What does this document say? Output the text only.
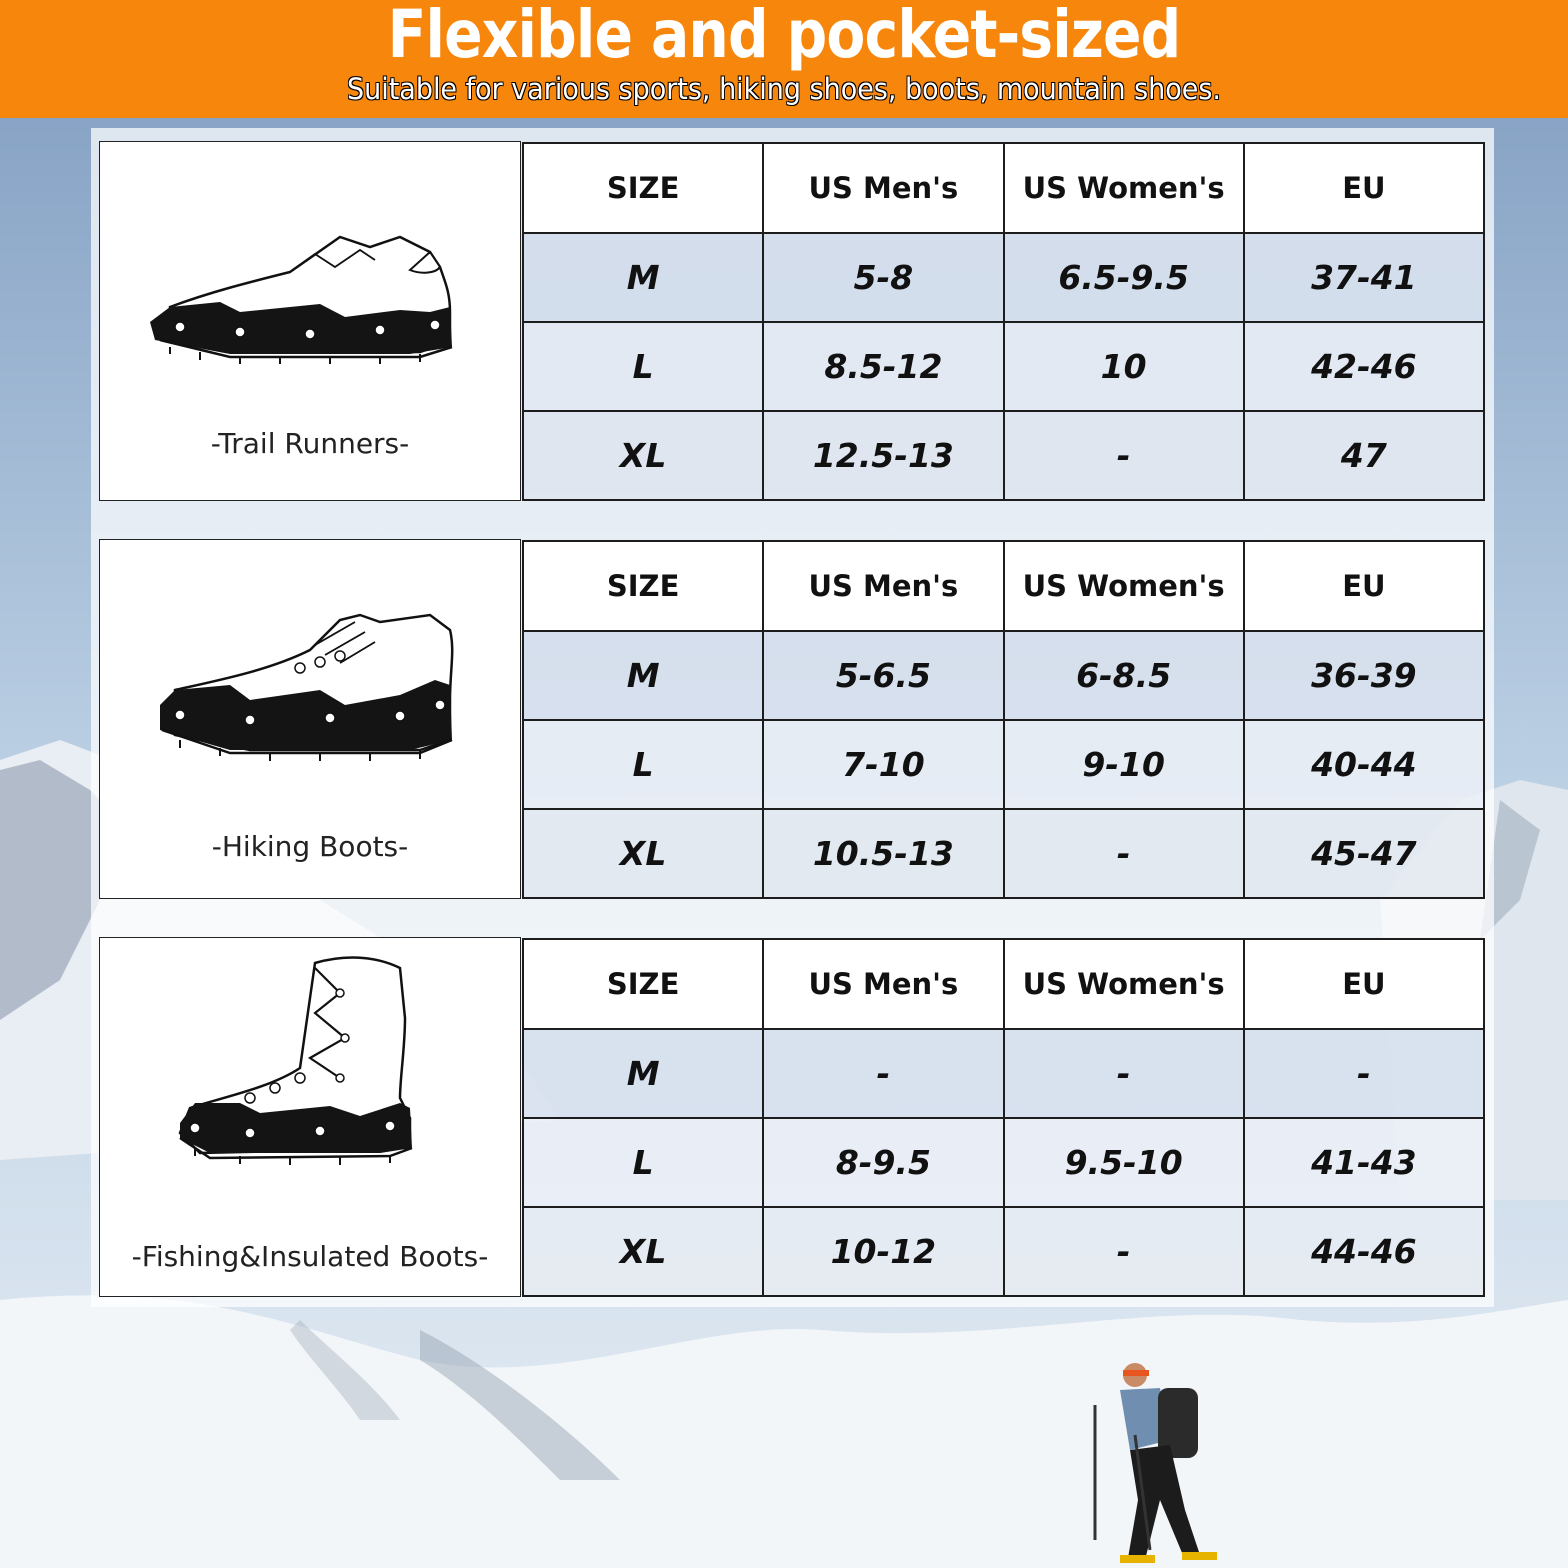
Flexible and pocket-sized
Suitable for various sports, hiking shoes, boots, mountain shoes.
-Trail Runners-
SIZE	US Men's	US Women's	EU
M	5-8	6.5-9.5	37-41
L	8.5-12	10	42-46
XL	12.5-13	-	47
-Hiking Boots-
SIZE	US Men's	US Women's	EU
M	5-6.5	6-8.5	36-39
L	7-10	9-10	40-44
XL	10.5-13	-	45-47
-Fishing&Insulated Boots-
SIZE	US Men's	US Women's	EU
M	-	-	-
L	8-9.5	9.5-10	41-43
XL	10-12	-	44-46
